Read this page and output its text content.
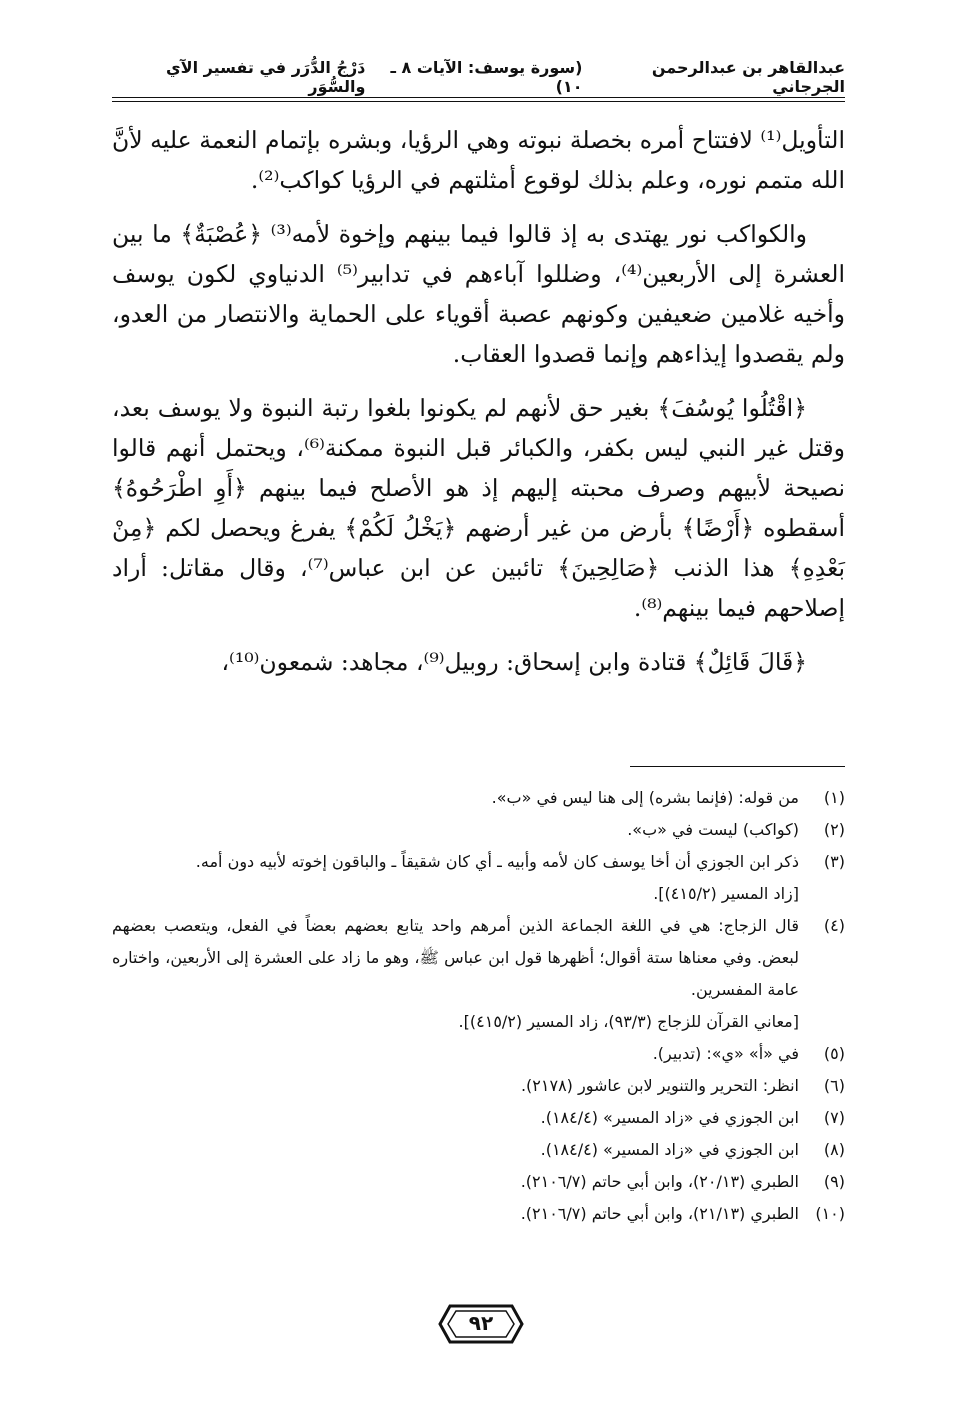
عبدالقاهر بن عبدالرحمن الجرجاني
(سورة يوسف: الآيات ٨ ـ ١٠)
دَرْجُ الدُّرَر في تفسير الآي والسُّوَر

التأويل⁽¹⁾ لافتتاح أمره بخصلة نبوته وهي الرؤيا، وبشره بإتمام النعمة عليه لأنَّ الله متمم نوره، وعلم بذلك لوقوع أمثلتهم في الرؤيا كواكب⁽²⁾.

والكواكب نور يهتدى به إذ قالوا فيما بينهم وإخوة لأمه⁽³⁾ ﴿عُصْبَةٌ﴾ ما بين العشرة إلى الأربعين⁽⁴⁾، وضللوا آباءهم في تدابير⁽⁵⁾ الدنياوي لكون يوسف وأخيه غلامين ضعيفين وكونهم عصبة أقوياء على الحماية والانتصار من العدو، ولم يقصدوا إيذاءهم وإنما قصدوا العقاب.

﴿اقْتُلُوا يُوسُفَ﴾ بغير حق لأنهم لم يكونوا بلغوا رتبة النبوة ولا يوسف بعد، وقتل غير النبي ليس بكفر، والكبائر قبل النبوة ممكنة⁽⁶⁾، ويحتمل أنهم قالوا نصيحة لأبيهم وصرف محبته إليهم إذ هو الأصلح فيما بينهم ﴿أَوِ اطْرَحُوهُ﴾ أسقطوه ﴿أَرْضًا﴾ بأرض من غير أرضهم ﴿يَخْلُ لَكُمْ﴾ يفرغ ويحصل لكم ﴿مِنْ بَعْدِهِ﴾ هذا الذنب ﴿صَالِحِينَ﴾ تائبين عن ابن عباس⁽⁷⁾، وقال مقاتل: أراد إصلاحهم فيما بينهم⁽⁸⁾.

﴿قَالَ قَائِلٌ﴾ قتادة وابن إسحاق: روبيل⁽⁹⁾، مجاهد: شمعون⁽¹⁰⁾،

(١)
من قوله: (فإنما بشره) إلى هنا ليس في «ب».
(٢)
(كواكب) ليست في «ب».
(٣)
ذكر ابن الجوزي أن أخا يوسف كان لأمه وأبيه ـ أي كان شقيقاً ـ والباقون إخوته لأبيه دون أمه.
[زاد المسير (٤١٥/٢)].
(٤)
قال الزجاج: هي في اللغة الجماعة الذين أمرهم واحد يتابع بعضهم بعضاً في الفعل، ويتعصب بعضهم لبعض. وفي معناها ستة أقوال؛ أظهرها قول ابن عباس ﷺ، وهو ما زاد على العشرة إلى الأربعين، واختاره عامة المفسرين.
[معاني القرآن للزجاج (٩٣/٣)، زاد المسير (٤١٥/٢)].
(٥)
في «أ» «ي»: (تدبير).
(٦)
انظر: التحرير والتنوير لابن عاشور (٢١٧٨).
(٧)
ابن الجوزي في «زاد المسير» (١٨٤/٤).
(٨)
ابن الجوزي في «زاد المسير» (١٨٤/٤).
(٩)
الطبري (٢٠/١٣)، وابن أبي حاتم (٢١٠٦/٧).
(١٠)
الطبري (٢١/١٣)، وابن أبي حاتم (٢١٠٦/٧).
٩٢
